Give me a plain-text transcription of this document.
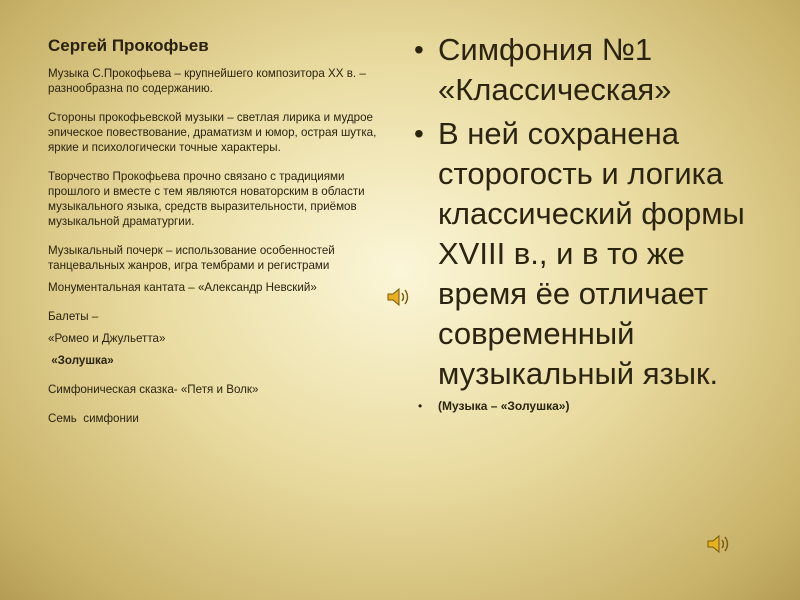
Сергей Прокофьев

Музыка С.Прокофьева – крупнейшего композитора XX в. – разнообразна по содержанию.

Стороны прокофьевской музыки – светлая лирика и мудрое эпическое повествование, драматизм и юмор, острая шутка, яркие и психологически точные характеры.

Творчество Прокофьева прочно связано с традициями прошлого и вместе с тем являются новаторским в области музыкального языка, средств выразительности, приёмов музыкальной драматургии.

Музыкальный почерк – использование особенностей танцевальных жанров, игра тембрами и регистрами

Монументальная кантата – «Александр Невский»

Балеты –

«Ромео и Джульетта»

«Золушка»

Симфоническая сказка- «Петя и Волк»

Семь  симфонии

• Симфония №1 «Классическая»

• В ней сохранена сторогость и логика классический формы XVIII в., и в то же время ёе отличает современный музыкальный язык.

• (Музыка – «Золушка»)
